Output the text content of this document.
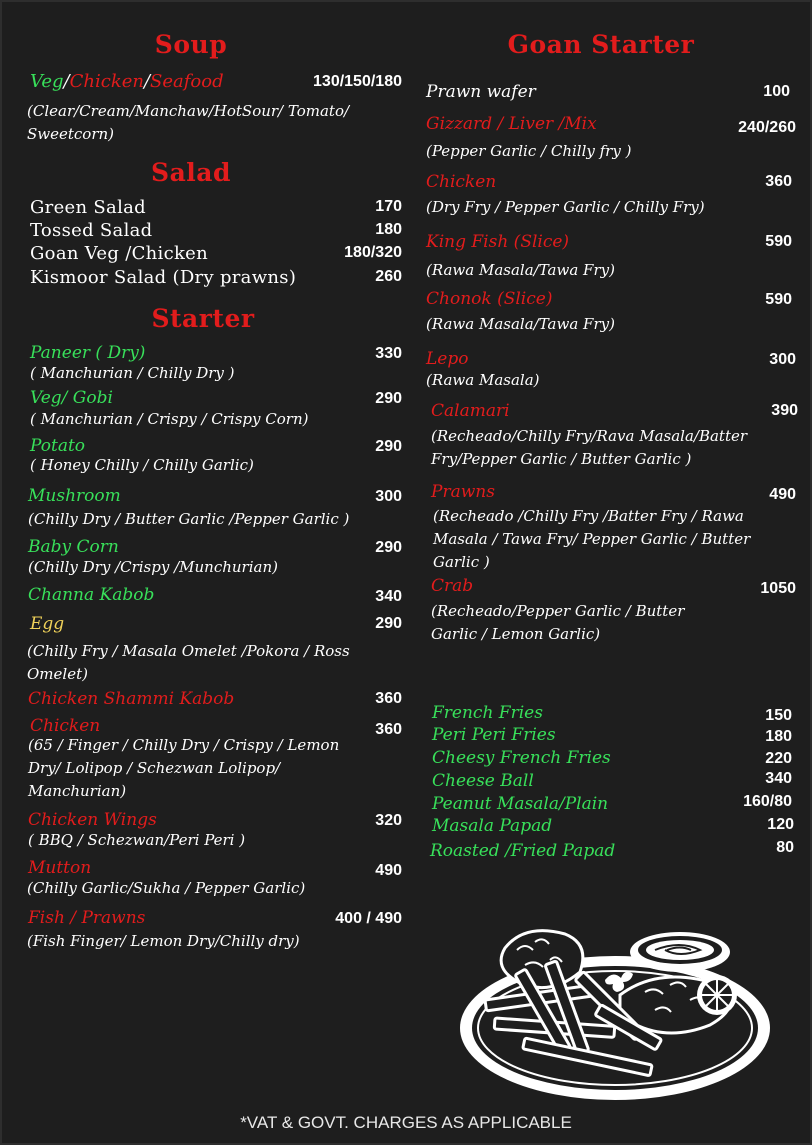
Soup
Veg/Chicken/Seafood	130/150/180
(Clear/Cream/Manchaw/HotSour/ Tomato/ Sweetcorn)
Salad
Green Salad	170
Tossed Salad	180
Goan Veg /Chicken	180/320
Kismoor Salad (Dry prawns)	260
Starter
Paneer ( Dry)	330
( Manchurian / Chilly Dry )
Veg/ Gobi	290
( Manchurian / Crispy / Crispy Corn)
Potato	290
( Honey Chilly / Chilly Garlic)
Mushroom	300
(Chilly Dry / Butter Garlic /Pepper Garlic )
Baby Corn	290
(Chilly Dry /Crispy /Munchurian)
Channa Kabob	340
Egg	290
(Chilly Fry / Masala Omelet /Pokora / Ross Omelet)
Chicken Shammi Kabob	360
Chicken	360
(65 / Finger / Chilly Dry / Crispy / Lemon Dry/ Lolipop / Schezwan Lolipop/ Manchurian)
Chicken Wings	320
( BBQ / Schezwan/Peri Peri )
Mutton	490
(Chilly Garlic/Sukha / Pepper Garlic)
Fish / Prawns	400 / 490
(Fish Finger/ Lemon Dry/Chilly dry)
Goan Starter
Prawn wafer	100
Gizzard / Liver /Mix	240/260
(Pepper Garlic / Chilly fry )
Chicken	360
(Dry Fry / Pepper Garlic / Chilly Fry)
King Fish (Slice)	590
(Rawa Masala/Tawa Fry)
Chonok (Slice)	590
(Rawa Masala/Tawa Fry)
Lepo	300
(Rawa Masala)
Calamari	390
(Recheado/Chilly Fry/Rava Masala/Batter Fry/Pepper Garlic / Butter Garlic )
Prawns	490
(Recheado /Chilly Fry /Batter Fry / Rawa Masala / Tawa Fry/ Pepper Garlic / Butter Garlic )
Crab	1050
(Recheado/Pepper Garlic / Butter Garlic / Lemon Garlic)
French Fries	150
Peri Peri Fries	180
Cheesy French Fries	220
Cheese Ball	340
Peanut Masala/Plain	160/80
Masala Papad	120
Roasted /Fried Papad	80
*VAT & GOVT. CHARGES AS APPLICABLE
